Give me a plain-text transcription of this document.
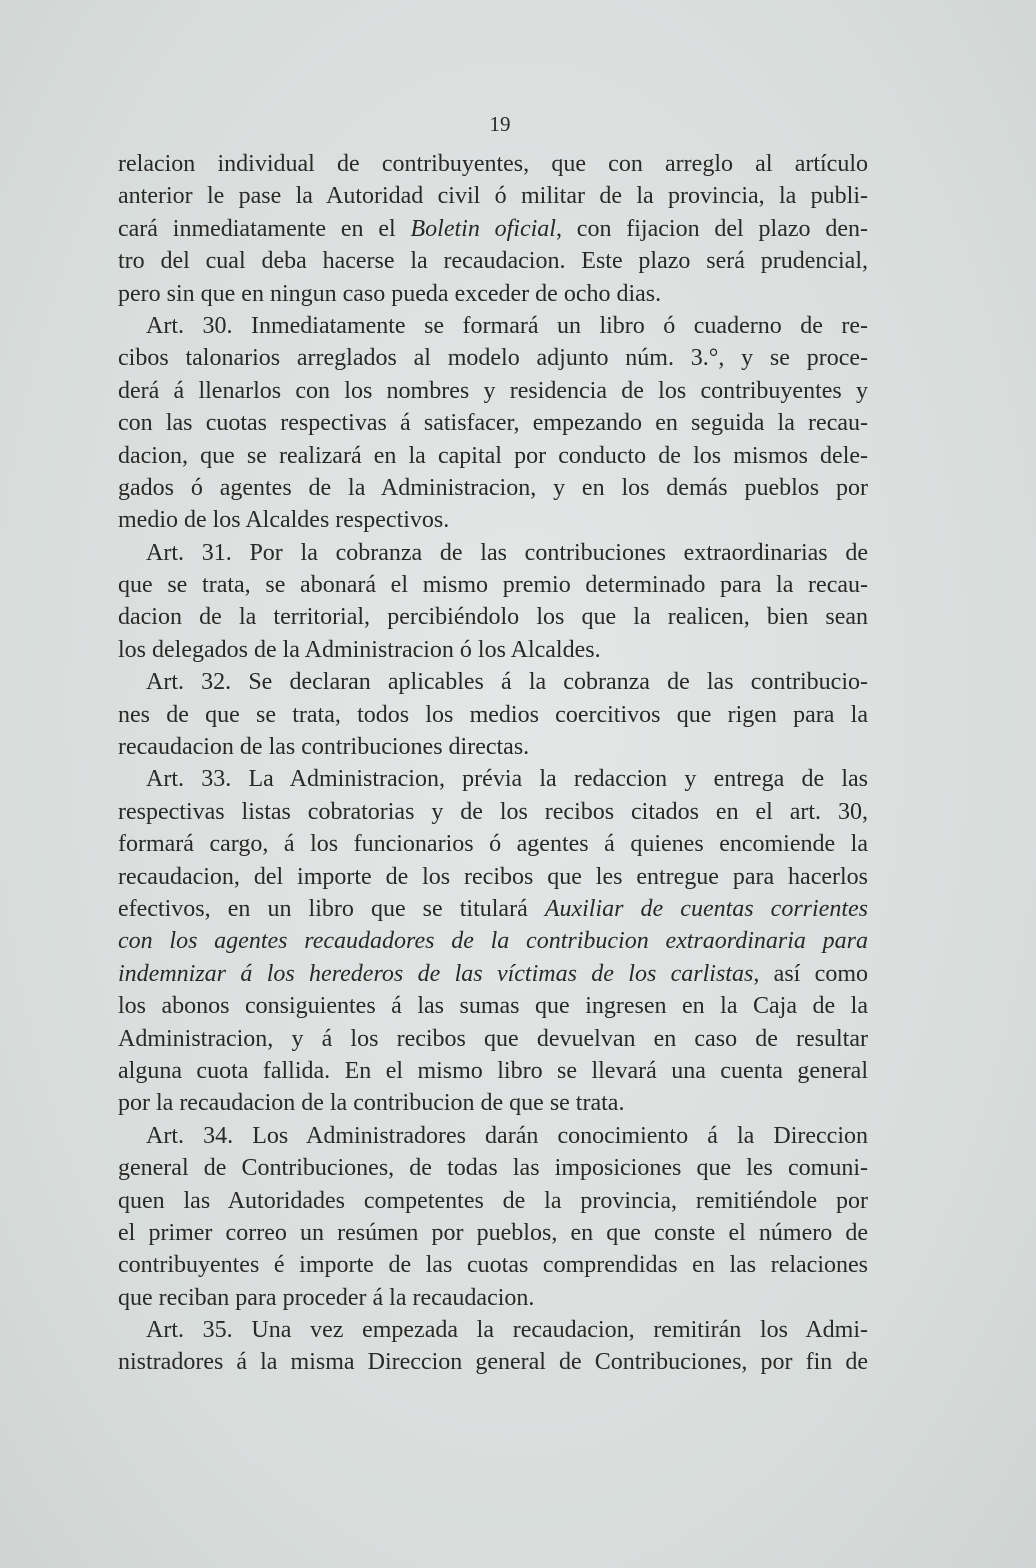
19
relacion individual de contribuyentes, que con arreglo al artículo
anterior le pase la Autoridad civil ó militar de la provincia, la publi-
cará inmediatamente en el Boletin oficial, con fijacion del plazo den-
tro del cual deba hacerse la recaudacion. Este plazo será prudencial,
pero sin que en ningun caso pueda exceder de ocho dias.
Art. 30. Inmediatamente se formará un libro ó cuaderno de re-
cibos talonarios arreglados al modelo adjunto núm. 3.°, y se proce-
derá á llenarlos con los nombres y residencia de los contribuyentes y
con las cuotas respectivas á satisfacer, empezando en seguida la recau-
dacion, que se realizará en la capital por conducto de los mismos dele-
gados ó agentes de la Administracion, y en los demás pueblos por
medio de los Alcaldes respectivos.
Art. 31. Por la cobranza de las contribuciones extraordinarias de
que se trata, se abonará el mismo premio determinado para la recau-
dacion de la territorial, percibiéndolo los que la realicen, bien sean
los delegados de la Administracion ó los Alcaldes.
Art. 32. Se declaran aplicables á la cobranza de las contribucio-
nes de que se trata, todos los medios coercitivos que rigen para la
recaudacion de las contribuciones directas.
Art. 33. La Administracion, prévia la redaccion y entrega de las
respectivas listas cobratorias y de los recibos citados en el art. 30,
formará cargo, á los funcionarios ó agentes á quienes encomiende la
recaudacion, del importe de los recibos que les entregue para hacerlos
efectivos, en un libro que se titulará Auxiliar de cuentas corrientes
con los agentes recaudadores de la contribucion extraordinaria para
indemnizar á los herederos de las víctimas de los carlistas, así como
los abonos consiguientes á las sumas que ingresen en la Caja de la
Administracion, y á los recibos que devuelvan en caso de resultar
alguna cuota fallida. En el mismo libro se llevará una cuenta general
por la recaudacion de la contribucion de que se trata.
Art. 34. Los Administradores darán conocimiento á la Direccion
general de Contribuciones, de todas las imposiciones que les comuni-
quen las Autoridades competentes de la provincia, remitiéndole por
el primer correo un resúmen por pueblos, en que conste el número de
contribuyentes é importe de las cuotas comprendidas en las relaciones
que reciban para proceder á la recaudacion.
Art. 35. Una vez empezada la recaudacion, remitirán los Admi-
nistradores á la misma Direccion general de Contribuciones, por fin de
